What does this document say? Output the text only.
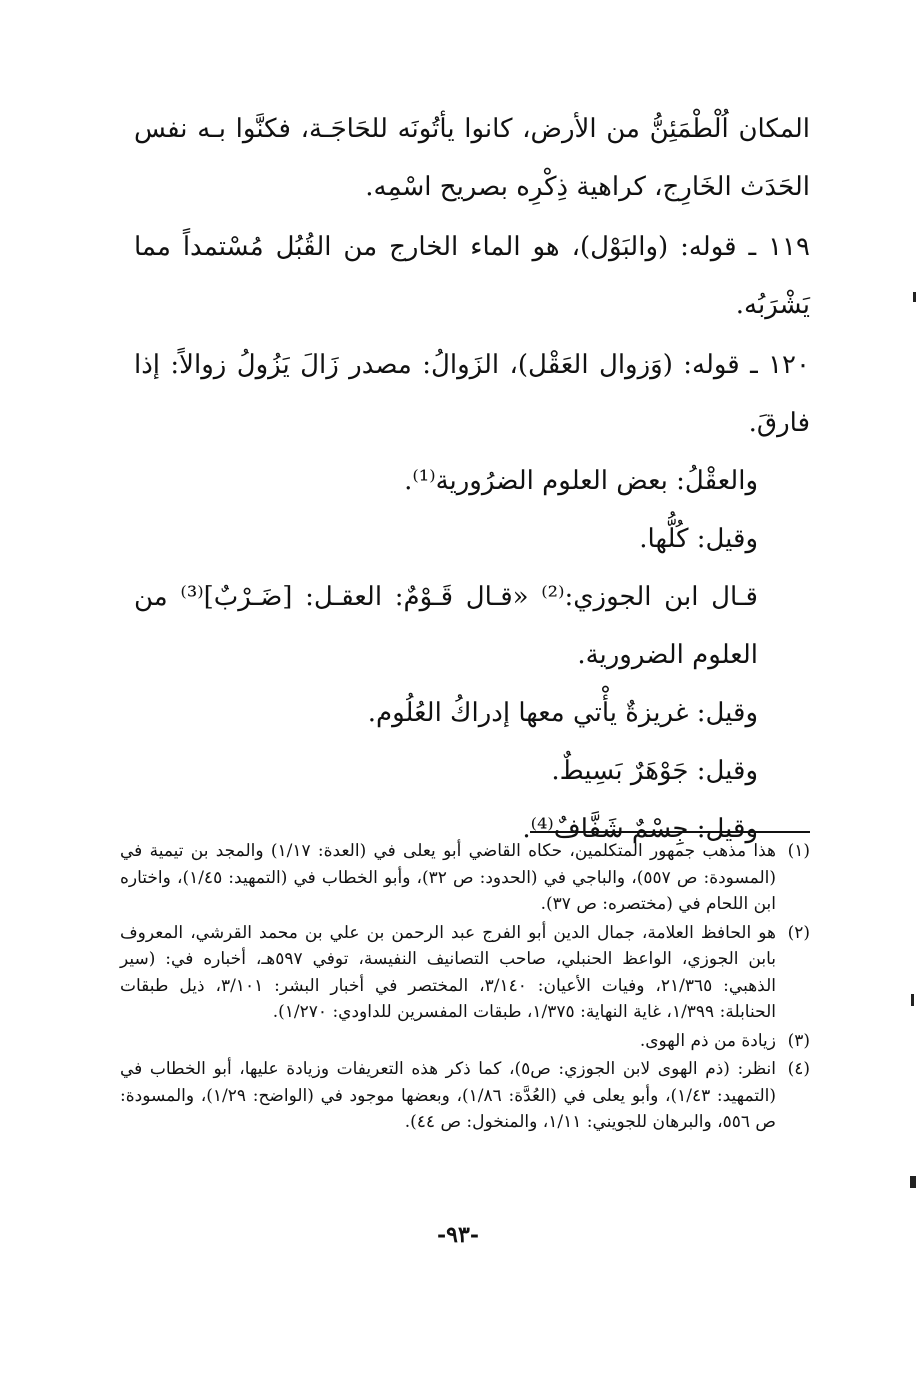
المكان اُلْطْمَئِنُّ من الأرض، كانوا يأتُونَه للحَاجَـة، فكنَّوا بـه نفس الحَدَث الخَارِج، كراهية ذِكْرِه بصريح اسْمِه.

١١٩ ـ قوله: (والبَوْل)، هو الماء الخارج من القُبُل مُسْتمداً مما يَشْرَبُه.

١٢٠ ـ قوله: (وَزوال العَقْل)، الزَوالُ: مصدر زَالَ يَزُولُ زوالاً: إذا فارقَ.

والعقْلُ: بعض العلوم الضرُورية⁽¹⁾.

وقيل: كُلُّها.

قـال ابن الجوزي:⁽²⁾ «قـال قَـوْمٌ: العقـل: [ضَـرْبٌ]⁽³⁾ من العلوم الضرورية.

وقيل: غريزةٌ يأْتي معها إدراكُ العُلُوم.

وقيل: جَوْهَرٌ بَسِيطٌ.

وقيل: جِسْمٌ شَفَّافٌ⁽⁴⁾.

(١)
هذا مذهب جمهور المتكلمين، حكاه القاضي أبو يعلى في (العدة: ١/١٧) والمجد بن تيمية في (المسودة: ص ٥٥٧)، والباجي في (الحدود: ص ٣٢)، وأبو الخطاب في (التمهيد: ١/٤٥)، واختاره ابن اللحام في (مختصره: ص ٣٧).
(٢)
هو الحافظ العلامة، جمال الدين أبو الفرج عبد الرحمن بن علي بن محمد القرشي، المعروف بابن الجوزي، الواعظ الحنبلي، صاحب التصانيف النفيسة، توفي ٥٩٧هـ، أخباره في: (سير الذهبي: ٢١/٣٦٥، وفيات الأعيان: ٣/١٤٠، المختصر في أخبار البشر: ٣/١٠١، ذيل طبقات الحنابلة: ١/٣٩٩، غاية النهاية: ١/٣٧٥، طبقات المفسرين للداودي: ١/٢٧٠).
(٣)
زيادة من ذم الهوى.
(٤)
انظر: (ذم الهوى لابن الجوزي: ص٥)، كما ذكر هذه التعريفات وزيادة عليها، أبو الخطاب في (التمهيد: ١/٤٣)، وأبو يعلى في (العُدَّة: ١/٨٦)، وبعضها موجود في (الواضح: ١/٢٩)، والمسودة: ص ٥٥٦، والبرهان للجويني: ١/١١، والمنخول: ص ٤٤).
-٩٣-
